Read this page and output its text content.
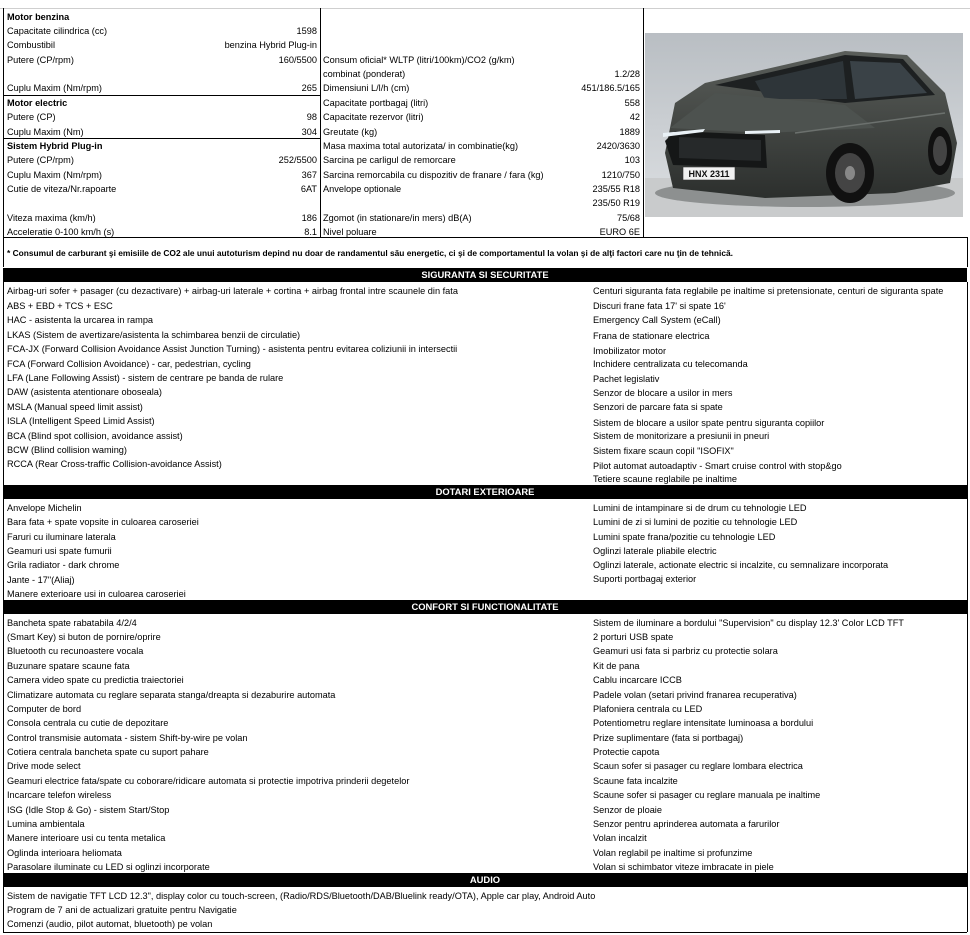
Motor benzina
Capacitate cilindrica (cc)	1598
Combustibil	benzina Hybrid Plug-in
Putere (CP/rpm)	160/5500
Cuplu Maxim (Nm/rpm)	265
Motor electric
Putere (CP)	98
Cuplu Maxim (Nm)	304
Sistem Hybrid Plug-in
Putere (CP/rpm)	252/5500
Cuplu Maxim (Nm/rpm)	367
Cutie de viteza/Nr.rapoarte	6AT
Viteza maxima (km/h)	186
Acceleratie 0-100 km/h (s)	8.1
Consum oficial* WLTP (litri/100km)/CO2 (g/km)
combinat (ponderat)	1.2/28
Dimensiuni L/l/h (cm)	451/186.5/165
Capacitate portbagaj (litri)	558
Capacitate rezervor (litri)	42
Greutate (kg)	1889
Masa maxima total autorizata/ in combinatie(kg)	2420/3630
Sarcina pe carligul de remorcare	103
Sarcina remorcabila cu dispozitiv de franare / fara (kg)	1210/750
Anvelope optionale	235/55 R18
235/50 R19
Zgomot (in stationare/in mers) dB(A)	75/68
Nivel poluare	EURO 6E
HNX 2311
* Consumul de carburant şi emisiile de CO2 ale unui autoturism depind nu doar de randamentul său energetic, ci şi de comportamentul la volan şi de alţi factori care nu ţin de tehnică.
SIGURANTA SI SECURITATE
Airbag-uri sofer + pasager (cu dezactivare) + airbag-uri laterale + cortina + airbag frontal intre scaunele din fata
ABS + EBD + TCS + ESC
HAC - asistenta la urcarea in rampa
LKAS (Sistem de avertizare/asistenta la schimbarea benzii de circulatie)
FCA-JX (Forward Collision Avoidance Assist Junction Turning) - asistenta pentru evitarea coliziunii in intersectii
FCA (Forward Collision Avoidance) - car, pedestrian, cycling
LFA (Lane Following Assist) - sistem de centrare pe banda de rulare
DAW (asistenta atentionare oboseala)
MSLA (Manual speed limit assist)
ISLA (Intelligent Speed Limid Assist)
BCA (Blind spot collision, avoidance assist)
BCW (Blind collision waming)
RCCA (Rear Cross-traffic Collision-avoidance Assist)
Centuri siguranta fata reglabile pe inaltime si pretensionate, centuri de siguranta spate
Discuri frane fata 17' si spate 16'
Emergency Call System (eCall)
Frana de stationare electrica
Imobilizator motor
Inchidere centralizata cu telecomanda
Pachet legislativ
Senzor de blocare a usilor in mers
Senzori de parcare fata si spate
Sistem de blocare a usilor spate pentru siguranta copiilor
Sistem de monitorizare a presiunii in pneuri
Sistem fixare scaun copil "ISOFIX"
Pilot automat autoadaptiv - Smart cruise control with stop&go
Tetiere scaune reglabile pe inaltime
DOTARI EXTERIOARE
Anvelope Michelin
Bara fata + spate vopsite in culoarea caroseriei
Faruri cu iluminare laterala
Geamuri usi spate fumurii
Grila radiator - dark chrome
Jante - 17"(Aliaj)
Manere exterioare usi in culoarea caroseriei
Lumini de intampinare si de drum cu tehnologie LED
Lumini de zi si lumini de pozitie cu tehnologie LED
Lumini spate frana/pozitie cu tehnologie LED
Oglinzi laterale pliabile electric
Oglinzi laterale, actionate electric si incalzite, cu semnalizare incorporata
Suporti portbagaj exterior
CONFORT SI FUNCTIONALITATE
Bancheta spate rabatabila 4/2/4
(Smart Key) si buton de pornire/oprire
Bluetooth cu recunoastere vocala
Buzunare spatare scaune fata
Camera video spate cu predictia traiectoriei
Climatizare automata cu reglare separata stanga/dreapta si dezaburire automata
Computer de bord
Consola centrala cu cutie de depozitare
Control transmisie automata - sistem Shift-by-wire pe volan
Cotiera centrala bancheta spate cu suport pahare
Drive mode select
Geamuri electrice fata/spate cu coborare/ridicare automata si protectie impotriva prinderii degetelor
Incarcare telefon wireless
ISG (Idle Stop & Go) - sistem Start/Stop
Lumina ambientala
Manere interioare usi cu tenta metalica
Oglinda interioara heliomata
Parasolare iluminate cu LED si oglinzi incorporate
Sistem de iluminare a bordului "Supervision" cu display 12.3' Color LCD TFT
2 porturi USB spate
Geamuri usi fata si parbriz cu protectie solara
Kit de pana
Cablu incarcare ICCB
Padele volan (setari privind franarea recuperativa)
Plafoniera centrala cu LED
Potentiometru reglare intensitate luminoasa a bordului
Prize suplimentare (fata si portbagaj)
Protectie capota
Scaun sofer si pasager cu reglare lombara electrica
Scaune fata incalzite
Scaune sofer si pasager cu reglare manuala pe inaltime
Senzor de ploaie
Senzor pentru aprinderea automata a farurilor
Volan incalzit
Volan reglabil pe inaltime si profunzime
Volan si schimbator viteze imbracate in piele
AUDIO
Sistem de navigatie TFT LCD 12.3", display color cu touch-screen, (Radio/RDS/Bluetooth/DAB/Bluelink ready/OTA), Apple car play, Android Auto
Program de 7 ani de actualizari gratuite pentru Navigatie
Comenzi (audio, pilot automat, bluetooth) pe volan
